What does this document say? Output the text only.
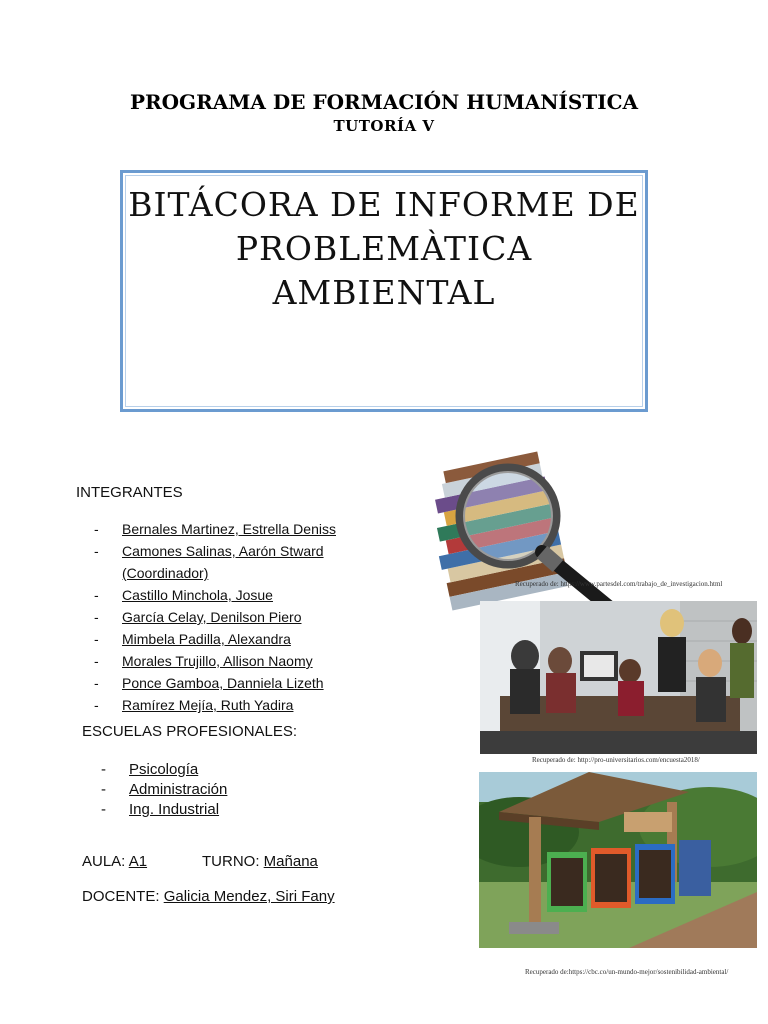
PROGRAMA DE FORMACIÓN HUMANÍSTICA
TUTORÍA V
BITÁCORA DE INFORME DE
PROBLEMÀTICA AMBIENTAL
INTEGRANTES
- Bernales Martinez, Estrella Deniss
- Camones Salinas, Aarón Stward
(Coordinador)
- Castillo Minchola, Josue
- García Celay, Denilson Piero
- Mimbela Padilla, Alexandra
- Morales Trujillo, Allison Naomy
- Ponce Gamboa, Danniela Lizeth
- Ramírez Mejía, Ruth Yadira
ESCUELAS PROFESIONALES:
- Psicología
- Administración
- Ing. Industrial
AULA: A1	TURNO: Mañana
DOCENTE: Galicia Mendez, Siri Fany
Recuperado de: https://www.partesdel.com/trabajo_de_investigacion.html
Recuperado de: http://pro-universitarios.com/encuesta2018/
Recuperado de:https://cbc.co/un-mundo-mejor/sostenibilidad-ambiental/
